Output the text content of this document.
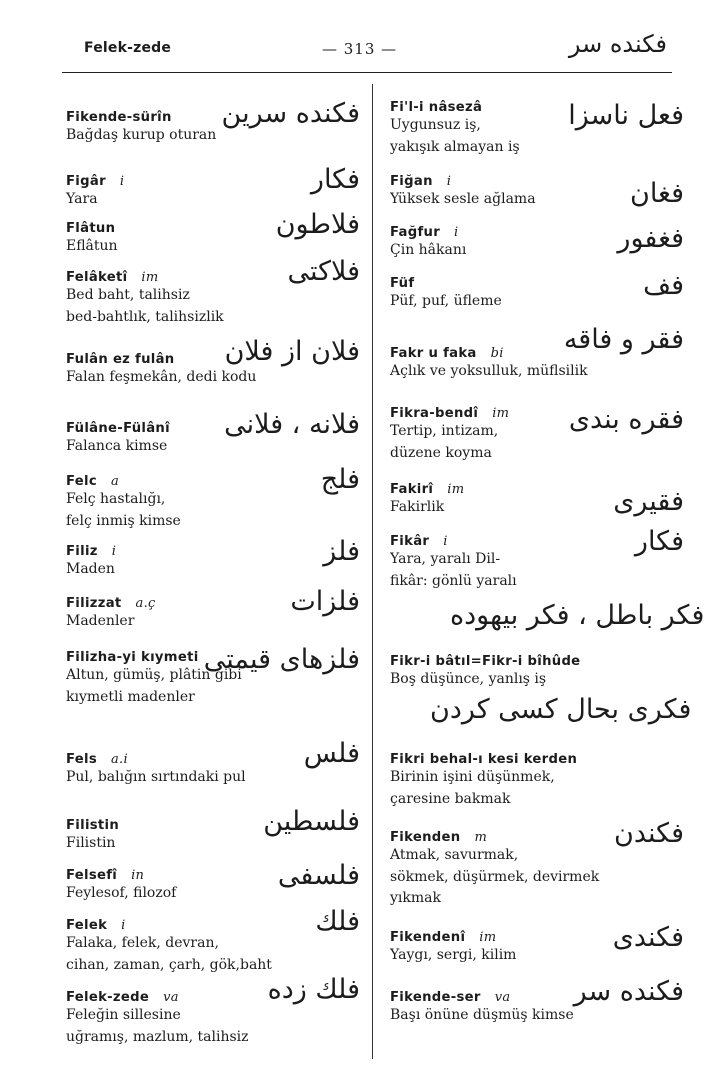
Felek-zede	— 313 —	فكنده سر
Fikende-sürîn
Bağdaş kurup oturan
فكنده سرين
Figâr i
Yara
فكار
Flâtun
Eflâtun
فلاطون
Felâketî im
Bed baht, talihsiz
bed-bahtlık, talihsizlik
فلاكتى
Fulân ez fulân
Falan feşmekân, dedi kodu
فلان از فلان
Fülâne-Fülânî
Falanca kimse
فلانه ، فلانى
Felc a
Felç hastalığı,
felç inmiş kimse
فلج
Filiz i
Maden
فلز
Filizzat a.ç
Madenler
فلزات
Filizha-yi kıymeti
Altun, gümüş, plâtin gibi
kıymetli madenler
فلزهاى قيمتى
Fels a.i
Pul, balığın sırtındaki pul
فلس
Filistin
Filistin
فلسطين
Felsefî in
Feylesof, filozof
فلسفى
Felek i
Falaka, felek, devran,
cihan, zaman, çarh, gök,baht
فلك
Felek-zede va
Feleğin sillesine
uğramış, mazlum, talihsiz
فلك زده
Fi'l-i nâsezâ
Uygunsuz iş,
yakışık almayan iş
فعل ناسزا
Fiğan i
Yüksek sesle ağlama	فغان
Fağfur i
Çin hâkanı	فغفور
Füf
Püf, puf, üfleme	فف
Fakr u faka bi
Açlık ve yoksulluk, müflsilik
فقر و فاقه
Fikra-bendî im
Tertip, intizam,
düzene koyma
فقره بندى
Fakirî im
Fakirlik	فقيرى
Fikâr i
Yara, yaralı Dil-
fikâr: gönlü yaralı
فكار
Fikr-i bâtıl=Fikr-i bîhûde
Boş düşünce, yanlış iş
فكر باطل ، فكر بيهوده
Fikri behal-ı kesi kerden
Birinin işini düşünmek,
çaresine bakmak
فكرى بحال كسى كردن
Fikenden m
Atmak, savurmak,
sökmek, düşürmek, devirmek
yıkmak
فكندن
Fikendenî im
Yaygı, sergi, kilim
فكندى
Fikende-ser va
Başı önüne düşmüş kimse
فكنده سر
